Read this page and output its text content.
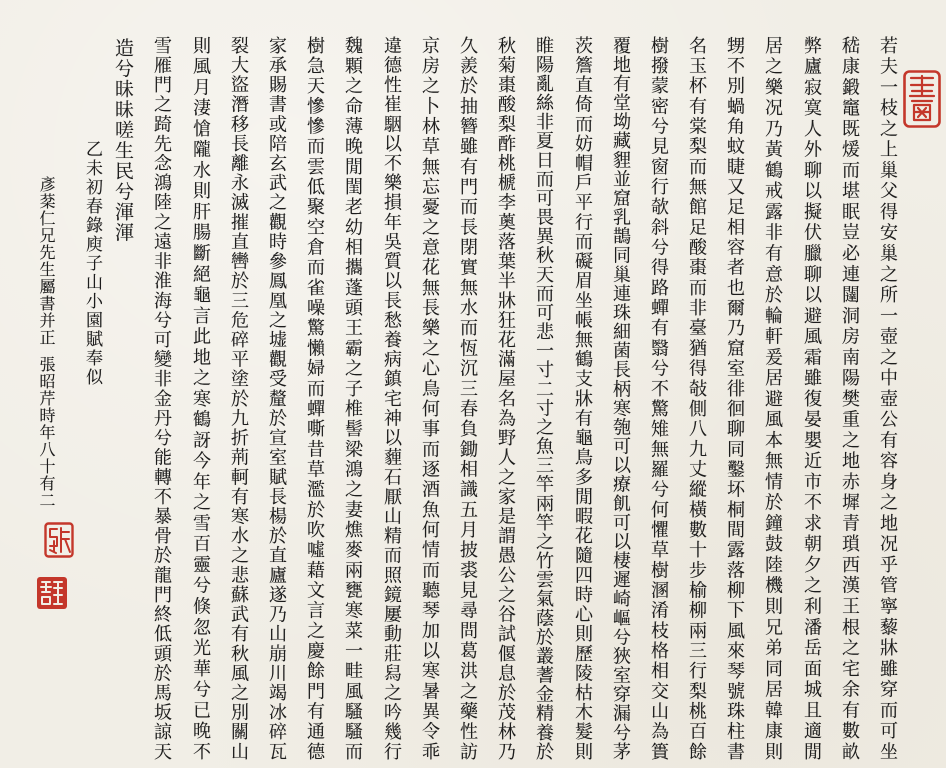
若夫一枝之上巢父得安巢之所一壺之中壺公有容身之地况乎管寧藜牀雖穿而可坐
嵇康鍛竈既煖而堪眠豈必連闥洞房南陽樊重之地赤墀青瑣西漢王根之宅余有數畝
弊廬寂寞人外聊以擬伏臘聊以避風霜雖復晏嬰近市不求朝夕之利潘岳面城且適閒
居之樂况乃黃鶴戒露非有意於輪軒爰居避風本無情於鐘鼓陸機則兄弟同居韓康則
甥不別蝸角蚊睫又足相容者也爾乃窟室徘徊聊同鑿坏桐間露落柳下風來琴號珠柱書
名玉杯有棠梨而無館足酸棗而非臺猶得敧側八九丈縱橫數十步榆柳兩三行梨桃百餘
樹撥蒙密兮見窗行欹斜兮得路蟬有翳兮不驚雉無羅兮何懼草樹溷淆枝格相交山為簣
覆地有堂坳藏貍並窟乳鵲同巢連珠細菌長柄寒匏可以療飢可以棲遲崎嶇兮狹室穿漏兮茅
茨簷直倚而妨帽戶平行而礙眉坐帳無鶴支牀有龜鳥多閒暇花隨四時心則歷陵枯木髮則
睢陽亂絲非夏日而可畏異秋天而可悲一寸二寸之魚三竿兩竿之竹雲氣蔭於叢蓍金精養於
秋菊棗酸梨酢桃榹李薁落葉半牀狂花滿屋名為野人之家是謂愚公之谷試偃息於茂林乃
久羨於抽簪雖有門而長閉實無水而恆沉三春負鋤相識五月披裘見尋問葛洪之藥性訪
京房之卜林草無忘憂之意花無長樂之心鳥何事而逐酒魚何情而聽琴加以寒暑異令乖
違德性崔駰以不樂損年吳質以長愁養病鎮宅神以薶石厭山精而照鏡屢動莊舄之吟幾行
魏顆之命薄晚閒閨老幼相攜蓬頭王霸之子椎髻梁鴻之妻燋麥兩甕寒菜一畦風騷騷而
樹急天慘慘而雲低聚空倉而雀噪驚懶婦而蟬嘶昔草濫於吹噓藉文言之慶餘門有通德
家承賜書或陪玄武之觀時參鳳凰之墟觀受釐於宣室賦長楊於直廬遂乃山崩川竭冰碎瓦
裂大盜潛移長離永滅摧直轡於三危碎平塗於九折荊軻有寒水之悲蘇武有秋風之別關山
則風月淒愴隴水則肝腸斷絕龜言此地之寒鶴訝今年之雪百靈兮倏忽光華兮已晚不
雪雁門之踦先念鴻陸之遠非淮海兮可變非金丹兮能轉不暴骨於龍門終低頭於馬坂諒天
造兮昧昧嗟生民兮渾渾
乙未初春錄庾子山小園賦奉似
彥棻仁兄先生屬書并正
張昭芹時年八十有二
